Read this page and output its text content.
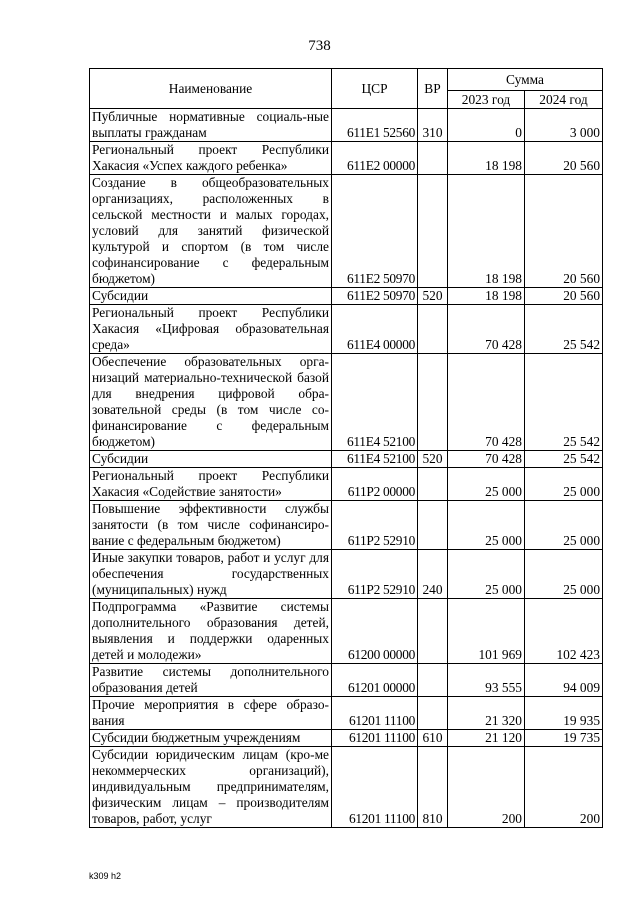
738
Наименование	ЦСР	ВР	Сумма	
			2023 год	2024 год
Публичные нормативные социаль-ные выплаты гражданам	611E1 52560	310	0	3 000
Региональный проект Республики Хакасия «Успех каждого ребенка»	611E2 00000		18 198	20 560
Создание в общеобразовательных организациях, расположенных в сельской местности и малых городах, условий для занятий физической культурой и спортом (в том числе софинансирование с федеральным бюджетом)	611E2 50970		18 198	20 560
Субсидии	611E2 50970	520	18 198	20 560
Региональный проект Республики Хакасия «Цифровая образовательная среда»	611E4 00000		70 428	25 542
Обеспечение образовательных орга-низаций материально-технической базой для внедрения цифровой обра-зовательной среды (в том числе со-финансирование с федеральным бюджетом)	611E4 52100		70 428	25 542
Субсидии	611E4 52100	520	70 428	25 542
Региональный проект Республики Хакасия «Содействие занятости»	611P2 00000		25 000	25 000
Повышение эффективности службы занятости (в том числе софинансиро-вание с федеральным бюджетом)	611P2 52910		25 000	25 000
Иные закупки товаров, работ и услуг для обеспечения государственных (муниципальных) нужд	611P2 52910	240	25 000	25 000
Подпрограмма «Развитие системы дополнительного образования детей, выявления и поддержки одаренных детей и молодежи»	61200 00000		101 969	102 423
Развитие системы дополнительного образования детей	61201 00000		93 555	94 009
Прочие мероприятия в сфере образо-вания	61201 11100		21 320	19 935
Субсидии бюджетным учреждениям	61201 11100	610	21 120	19 735
Субсидии юридическим лицам (кро-ме некоммерческих организаций), индивидуальным предпринимателям, физическим лицам – производителям товаров, работ, услуг	61201 11100	810	200	200
k309 h2
